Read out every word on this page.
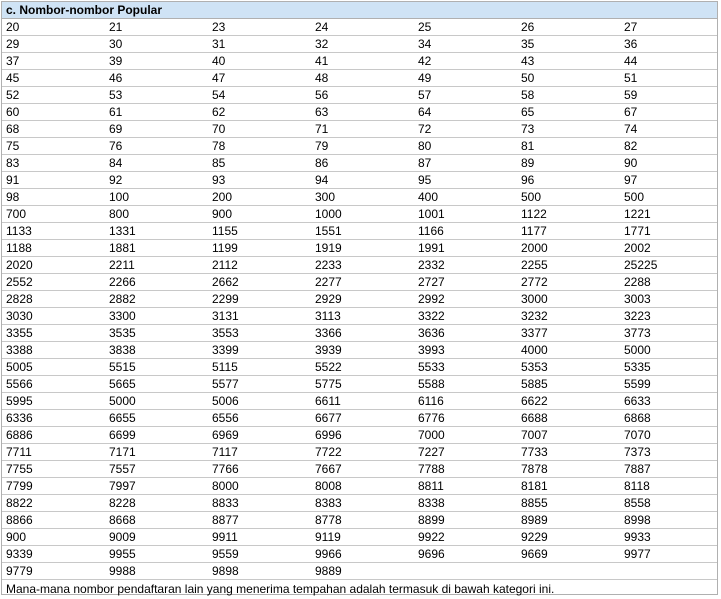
c. Nombor-nombor Popular
20	21	23	24	25	26	27
29	30	31	32	34	35	36
37	39	40	41	42	43	44
45	46	47	48	49	50	51
52	53	54	56	57	58	59
60	61	62	63	64	65	67
68	69	70	71	72	73	74
75	76	78	79	80	81	82
83	84	85	86	87	89	90
91	92	93	94	95	96	97
98	100	200	300	400	500	500
700	800	900	1000	1001	1122	1221
1133	1331	1155	1551	1166	1177	1771
1188	1881	1199	1919	1991	2000	2002
2020	2211	2112	2233	2332	2255	25225
2552	2266	2662	2277	2727	2772	2288
2828	2882	2299	2929	2992	3000	3003
3030	3300	3131	3113	3322	3232	3223
3355	3535	3553	3366	3636	3377	3773
3388	3838	3399	3939	3993	4000	5000
5005	5515	5115	5522	5533	5353	5335
5566	5665	5577	5775	5588	5885	5599
5995	5000	5006	6611	6116	6622	6633
6336	6655	6556	6677	6776	6688	6868
6886	6699	6969	6996	7000	7007	7070
7711	7171	7117	7722	7227	7733	7373
7755	7557	7766	7667	7788	7878	7887
7799	7997	8000	8008	8811	8181	8118
8822	8228	8833	8383	8338	8855	8558
8866	8668	8877	8778	8899	8989	8998
900	9009	9911	9119	9922	9229	9933
9339	9955	9559	9966	9696	9669	9977
9779	9988	9898	9889			
Mana-mana nombor pendaftaran lain yang menerima tempahan adalah termasuk di bawah kategori ini.
